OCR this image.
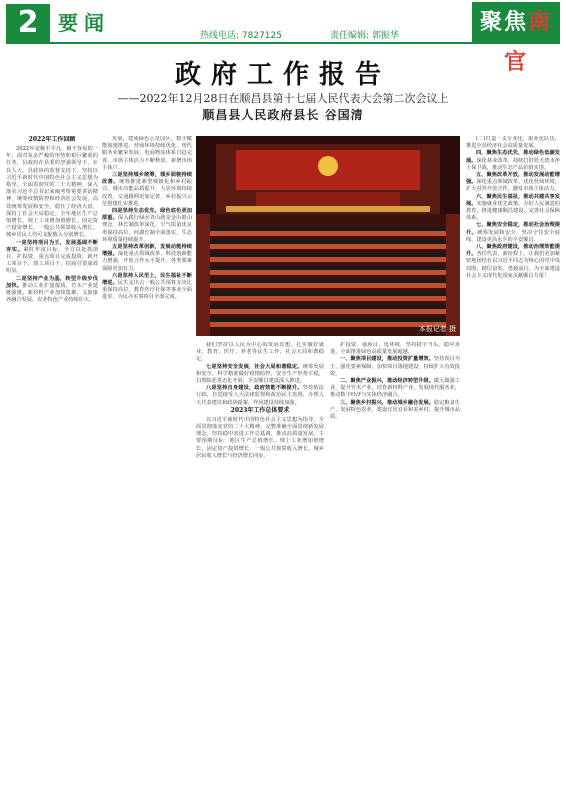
2 要闻
热线电话: 7827125	责任编辑: 郭振华
聚焦南官
政府工作报告
——2022年12月28日在顺昌县第十七届人民代表大会第二次会议上
顺昌县人民政府县长 谷国清
本报记者 摄
2022年工作回顾

2022年是极不平凡、极不容易的一年，面对复杂严峻的形势和艰巨繁重的任务，县政府在县委的坚强领导下，在县人大、县政协的监督支持下，坚持以习近平新时代中国特色社会主义思想为指导，全面贯彻党的二十大精神，深入落实习近平总书记来闽考察重要讲话精神，统筹疫情防控和经济社会发展，高效统筹发展和安全，稳住了经济大盘，保持了社会大局稳定。全年地区生产总值增长，规上工业增加值增长，固定资产投资增长，一般公共预算收入增长，城乡居民人均可支配收入分别增长。

一是坚持项目为王，发展基础不断夯实。紧盯年度目标，全力以赴抓项目、扩投资，重点项目完成投资，新开工项目个，竣工项目个，招商引资成效明显。

二是坚持产业为基，转型升级步伐加快。推动工业扩量提质，竹木产业延链强链，新材料产业加快集聚，文旅康养融合发展，农业特色产业持续壮大。

发展，建成绿色示范园区，数字赋能加速推进，营商环境持续优化，现代服务业繁荣发展，电商物流体系日趋完善，市场主体活力不断释放，新增市场主体户。

三是坚持城乡统筹，城乡面貌持续改善。统筹推进新型城镇化和乡村振兴，城市功能品质提升，人居环境持续改善，交通路网更加完善，乡村振兴示范创建扎实推进。

四是坚持生态优先，绿色底色更加厚重。深入践行绿水青山就是金山银山理念，林长制改革深化，空气质量优良率保持高位，河湖长制全面落实，生态环境质量持续提升。

五是坚持改革创新，发展动能持续增强。深化重点领域改革，科技创新能力增强，开放合作水平提升，各类要素保障更加有力。

六是坚持人民至上，民生福祉不断增进。民生支出占一般公共预算支出比重保持高位，教育医疗社保等事业全面进步，为民办实事项目全部完成。

我们坚持以人民为中心的发展思想，扎实做好就业、教育、医疗、养老等民生工作，社会大局和谐稳定。

七是坚持安全发展，社会大局和谐稳定。统筹发展和安全，科学精准做好疫情防控，安全生产形势平稳，扫黑除恶常态化开展，平安顺昌建设深入推进。

八是坚持自身建设，政府效能不断提升。坚持依法行政，自觉接受人大法律监督和政协民主监督，办理人大代表建议和政协提案，作风建设持续加强。

2023年工作总体要求

以习近平新时代中国特色社会主义思想为指导，全面贯彻落实党的二十大精神，完整准确全面贯彻新发展理念，坚持稳中求进工作总基调，推动高质量发展。主要预期目标：地区生产总值增长，规上工业增加值增长，固定资产投资增长，一般公共预算收入增长，城乡居民收入增长与经济增长同步。

扩投资、强项目、优环境，坚持稳字当头、稳中求进，全面推进绿色高质量发展超越。

一、聚焦项目建设，推动投资扩量增效。坚持项目为王，强化要素保障，加快项目落地建设，持续扩大有效投资。

二、聚焦产业振兴，推动经济转型升级。做大做强工业，提升竹木产业，培育新材料产业，发展现代服务业，推动数字经济与实体经济融合。

三、聚焦乡村振兴，推动城乡融合发展。稳定粮食生产，发展特色农业，建设宜居宜业和美乡村，提升城市品质。

(二)打造一支专业化、职业化队伍，推进全县经济社会高质量发展。

四、聚焦生态优先，推动绿色低碳发展。深化林业改革，持续打好蓝天碧水净土保卫战，推动生态产品价值实现。

五、聚焦改革开放，推动发展动能增强。深化重点领域改革，优化营商环境，扩大对外开放合作，激发市场主体活力。

六、聚焦民生福祉，推动共建共享发展。实施就业优先政策，办好人民满意的教育，推进健康顺昌建设，完善社会保障体系。

七、聚焦安全稳定，推动社会治理提升。统筹发展和安全，坚决守住安全底线，建设更高水平的平安顺昌。

八、聚焦政府建设，推动治理效能提升。各位代表，新征程上，让我们更加紧密地团结在以习近平同志为核心的党中央周围，踔厉奋发、勇毅前行，为全面建设社会主义现代化国家贡献顺昌力量！
